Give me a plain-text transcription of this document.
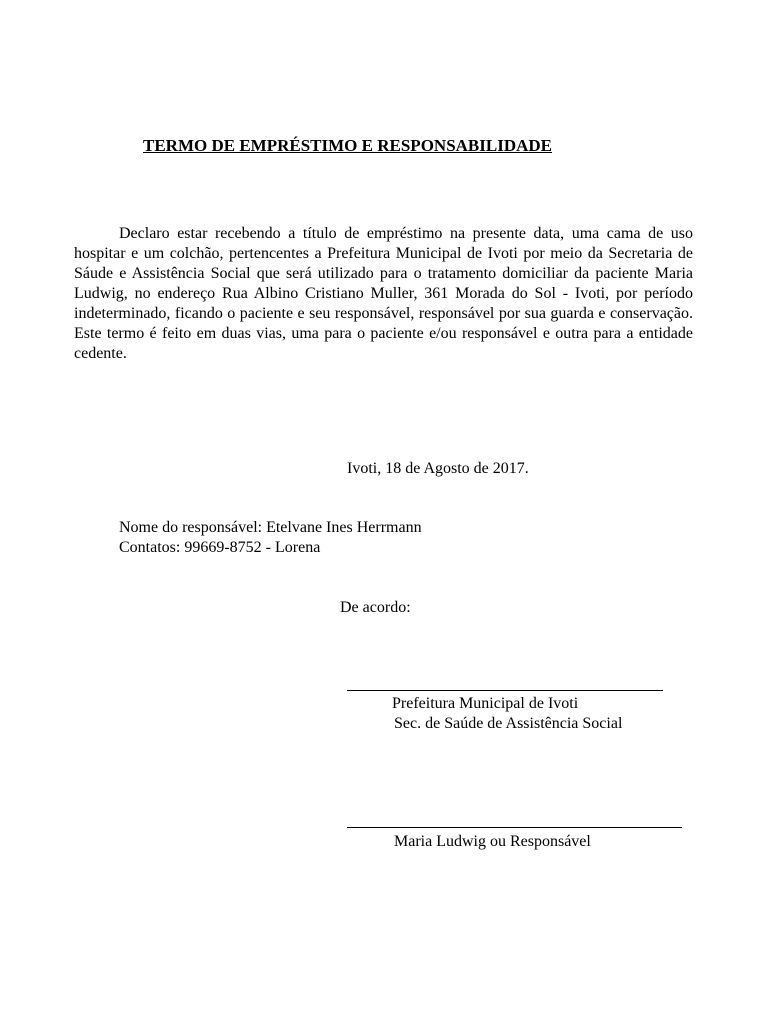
TERMO DE EMPRÉSTIMO E RESPONSABILIDADE

Declaro estar recebendo a título de empréstimo na presente data, uma cama de uso hospitar e um colchão, pertencentes a Prefeitura Municipal de Ivoti por meio da Secretaria de Sáude e Assistência Social que será utilizado para o tratamento domiciliar da paciente Maria Ludwig, no endereço Rua Albino Cristiano Muller, 361 Morada do Sol - Ivoti, por período indeterminado, ficando o paciente e seu responsável, responsável por sua guarda e conservação. Este termo é feito em duas vias, uma para o paciente e/ou responsável e outra para a entidade cedente.

Ivoti, 18 de Agosto de 2017.
Nome do responsável: Etelvane Ines Herrmann
Contatos: 99669-8752 - Lorena
De acordo:
Prefeitura Municipal de Ivoti
Sec. de Saúde de Assistência Social
Maria Ludwig ou Responsável
